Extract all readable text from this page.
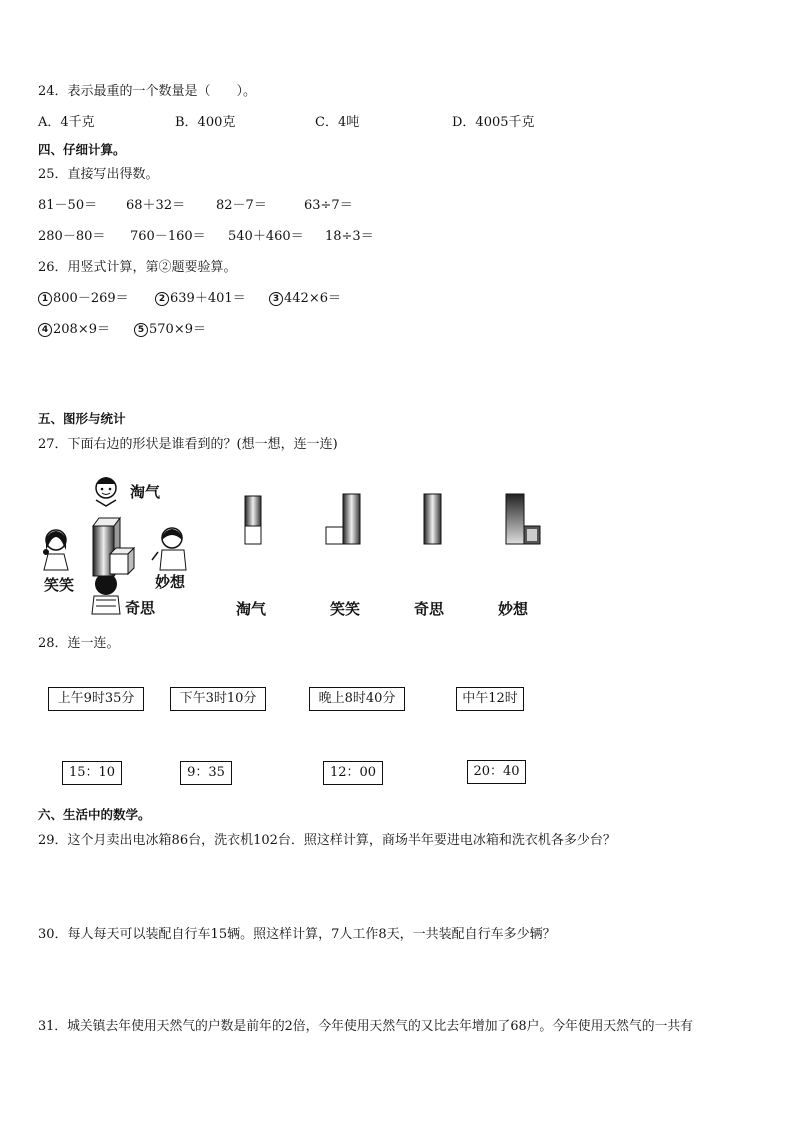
24．表示最重的一个数量是（　　）。
A．4千克	B．400克	C．4吨	D．4005千克
四、仔细计算。
25．直接写出得数。
81－50＝ 68＋32＝ 82－7＝	63÷7＝
280－80＝ 760－160＝ 540＋460＝ 18÷3＝
26．用竖式计算，第②题要验算。
1 800－269＝	2 639＋401＝	3 442×6＝
4 208×9＝	5 570×9＝
五、图形与统计
27．下面右边的形状是谁看到的？(想一想，连一连)
淘气
笑笑	妙想
奇思	淘气	笑笑	奇思	妙想
28．连一连。
上午9时35分	下午3时10分	晚上8时40分	中午12时
15：10	9：35	12：00	20：40
六、生活中的数学。
29．这个月卖出电冰箱86台，洗衣机102台．照这样计算，商场半年要进电冰箱和洗衣机各多少台？
30．每人每天可以装配自行车15辆。照这样计算，7人工作8天，一共装配自行车多少辆？
31．城关镇去年使用天然气的户数是前年的2倍，今年使用天然气的又比去年增加了68户。今年使用天然气的一共有
